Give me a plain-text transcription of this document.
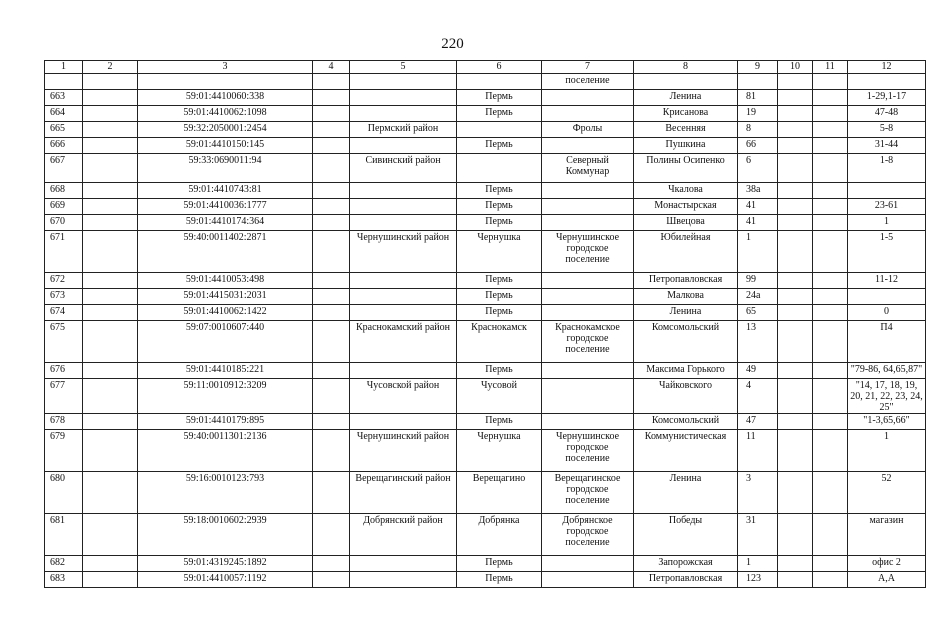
220
1	2	3	4	5	6	7	8	9	10	11	12
						поселение					
663		59:01:4410060:338			Пермь		Ленина	81			1-29,1-17
664		59:01:4410062:1098			Пермь		Крисанова	19			47-48
665		59:32:2050001:2454		Пермский район		Фролы	Весенняя	8			5-8
666		59:01:4410150:145			Пермь		Пушкина	66			31-44
667		59:33:0690011:94		Сивинский район		Северный Коммунар	Полины Осипенко	6			1-8
668		59:01:4410743:81			Пермь		Чкалова	38а			
669		59:01:4410036:1777			Пермь		Монастырская	41			23-61
670		59:01:4410174:364			Пермь		Швецова	41			1
671		59:40:0011402:2871		Чернушинский район	Чернушка	Чернушинское городское поселение	Юбилейная	1			1-5
672		59:01:4410053:498			Пермь		Петропавловская	99			11-12
673		59:01:4415031:2031			Пермь		Малкова	24а			
674		59:01:4410062:1422			Пермь		Ленина	65			0
675		59:07:0010607:440		Краснокамский район	Краснокамск	Краснокамское городское поселение	Комсомольский	13			П4
676		59:01:4410185:221			Пермь		Максима Горького	49			"79-86, 64,65,87"
677		59:11:0010912:3209		Чусовской район	Чусовой		Чайковского	4			"14, 17, 18, 19, 20, 21, 22, 23, 24, 25"
678		59:01:4410179:895			Пермь		Комсомольский	47			"1-3,65,66"
679		59:40:0011301:2136		Чернушинский район	Чернушка	Чернушинское городское поселение	Коммунистическая	11			1
680		59:16:0010123:793		Верещагинский район	Верещагино	Верещагинское городское поселение	Ленина	3			52
681		59:18:0010602:2939		Добрянский район	Добрянка	Добрянское городское поселение	Победы	31			магазин
682		59:01:4319245:1892			Пермь		Запорожская	1			офис 2
683		59:01:4410057:1192			Пермь		Петропавловская	123			А,А
